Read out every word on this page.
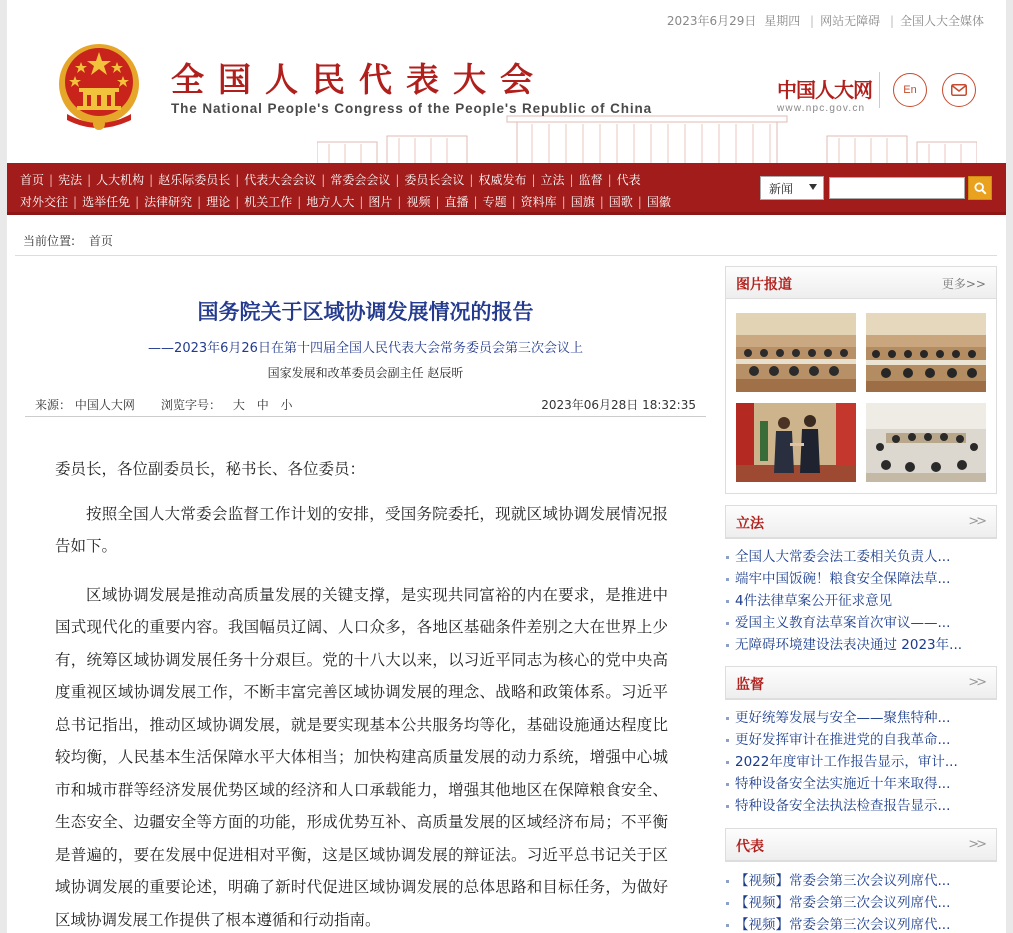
2023年6月29日 星期四 | 网站无障碍 | 全国人大全媒体
全国人民代表大会
The National People's Congress of the People's Republic of China
中国人大网
www.npc.gov.cn
En
首页 | 宪法 | 人大机构 | 赵乐际委员长 | 代表大会会议 | 常委会会议 | 委员长会议 | 权威发布 | 立法 | 监督 | 代表
对外交往 | 选举任免 | 法律研究 | 理论 | 机关工作 | 地方人大 | 图片 | 视频 | 直播 | 专题 | 资料库 | 国旗 | 国歌 | 国徽
新闻
当前位置: 首页
国务院关于区域协调发展情况的报告
——2023年6月26日在第十四届全国人民代表大会常务委员会第三次会议上
国家发展和改革委员会副主任 赵辰昕
来源： 中国人大网 浏览字号： 大 中 小	2023年06月28日 18:32:35

委员长，各位副委员长，秘书长、各位委员：

按照全国人大常委会监督工作计划的安排，受国务院委托，现就区域协调发展情况报告如下。

区域协调发展是推动高质量发展的关键支撑，是实现共同富裕的内在要求，是推进中国式现代化的重要内容。我国幅员辽阔、人口众多，各地区基础条件差别之大在世界上少有，统筹区域协调发展任务十分艰巨。党的十八大以来，以习近平同志为核心的党中央高度重视区域协调发展工作，不断丰富完善区域协调发展的理念、战略和政策体系。习近平总书记指出，推动区域协调发展，就是要实现基本公共服务均等化，基础设施通达程度比较均衡，人民基本生活保障水平大体相当；加快构建高质量发展的动力系统，增强中心城市和城市群等经济发展优势区域的经济和人口承载能力，增强其他地区在保障粮食安全、生态安全、边疆安全等方面的功能，形成优势互补、高质量发展的区域经济布局；不平衡是普遍的，要在发展中促进相对平衡，这是区域协调发展的辩证法。习近平总书记关于区域协调发展的重要论述，明确了新时代促进区域协调发展的总体思路和目标任务，为做好区域协调发展工作提供了根本遵循和行动指南。

图片报道	更多>>
立法	>>
全国人大常委会法工委相关负责人...
端牢中国饭碗！粮食安全保障法草...
4件法律草案公开征求意见
爱国主义教育法草案首次审议——...
无障碍环境建设法表决通过 2023年...
监督	>>
更好统筹发展与安全——聚焦特种...
更好发挥审计在推进党的自我革命...
2022年度审计工作报告显示，审计...
特种设备安全法实施近十年来取得...
特种设备安全法执法检查报告显示...
代表	>>
【视频】常委会第三次会议列席代...
【视频】常委会第三次会议列席代...
【视频】常委会第三次会议列席代...
